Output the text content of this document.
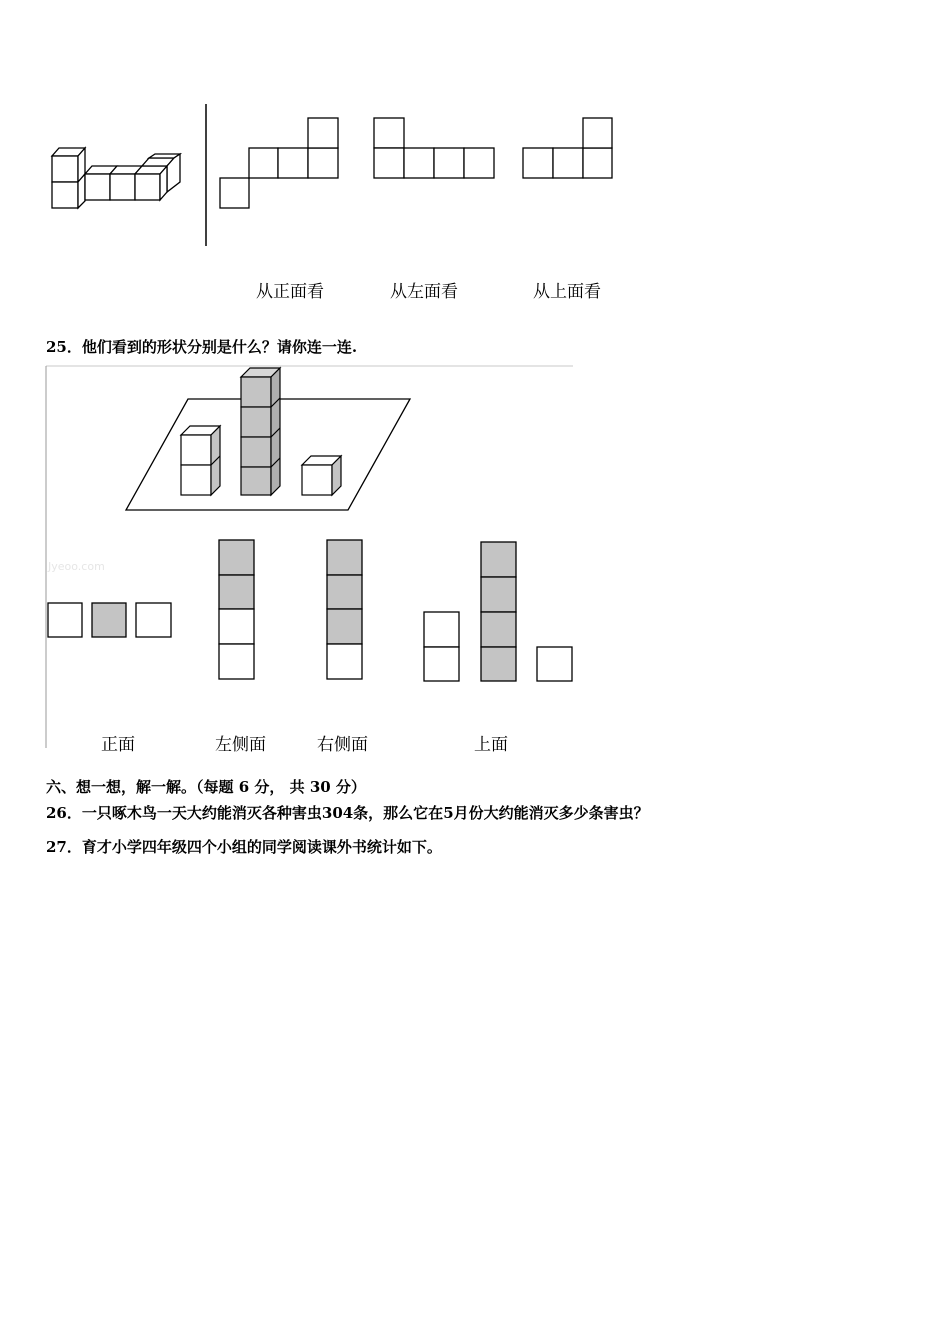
从正面看	从左面看	从上面看
25．他们看到的形状分别是什么？请你连一连.
Jyeoo.com
正面	左侧面	右侧面	上面
六、想一想，解一解。（每题 6 分， 共 30 分）
26．一只啄木鸟一天大约能消灭各种害虫304条，那么它在5月份大约能消灭多少条害虫？
27．育才小学四年级四个小组的同学阅读课外书统计如下。
